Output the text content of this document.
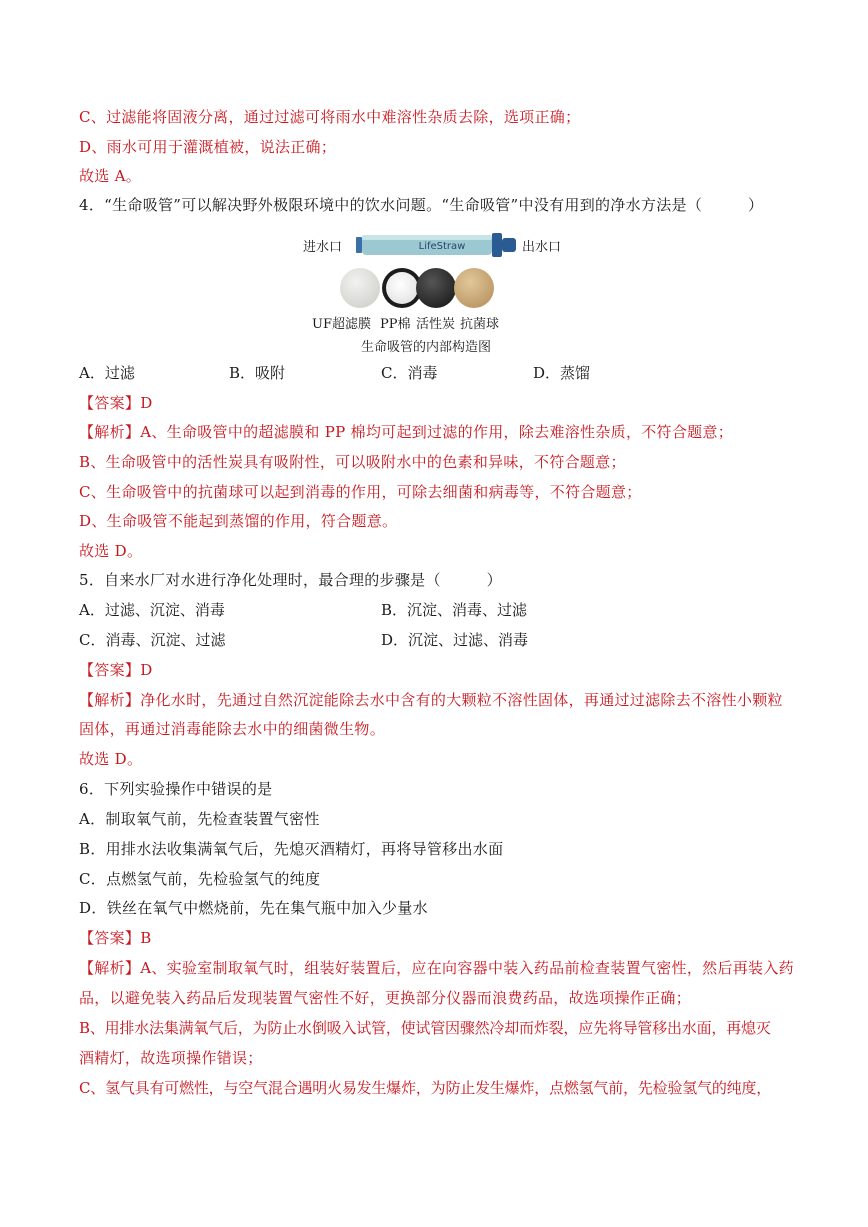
C、过滤能将固液分离，通过过滤可将雨水中难溶性杂质去除，选项正确；
D、雨水可用于灌溉植被，说法正确；
故选 A。
4．“生命吸管”可以解决野外极限环境中的饮水问题。“生命吸管”中没有用到的净水方法是（　　　）
进水口	LifeStraw	出水口
UF超滤膜 PP棉 活性炭 抗菌球
生命吸管的内部构造图
A．过滤	B．吸附	C．消毒	D．蒸馏
【答案】D
【解析】A、生命吸管中的超滤膜和 PP 棉均可起到过滤的作用，除去难溶性杂质，不符合题意；
B、生命吸管中的活性炭具有吸附性，可以吸附水中的色素和异味，不符合题意；
C、生命吸管中的抗菌球可以起到消毒的作用，可除去细菌和病毒等，不符合题意；
D、生命吸管不能起到蒸馏的作用，符合题意。
故选 D。
5．自来水厂对水进行净化处理时，最合理的步骤是（　　　）
A．过滤、沉淀、消毒	B．沉淀、消毒、过滤
C．消毒、沉淀、过滤	D．沉淀、过滤、消毒
【答案】D
【解析】净化水时，先通过自然沉淀能除去水中含有的大颗粒不溶性固体，再通过过滤除去不溶性小颗粒
固体，再通过消毒能除去水中的细菌微生物。
故选 D。
6．下列实验操作中错误的是
A．制取氧气前，先检查装置气密性
B．用排水法收集满氧气后，先熄灭酒精灯，再将导管移出水面
C．点燃氢气前，先检验氢气的纯度
D．铁丝在氧气中燃烧前，先在集气瓶中加入少量水
【答案】B
【解析】A、实验室制取氧气时，组装好装置后，应在向容器中装入药品前检查装置气密性，然后再装入药
品，以避免装入药品后发现装置气密性不好，更换部分仪器而浪费药品，故选项操作正确；
B、用排水法集满氧气后，为防止水倒吸入试管，使试管因骤然冷却而炸裂，应先将导管移出水面，再熄灭
酒精灯，故选项操作错误；
C、氢气具有可燃性，与空气混合遇明火易发生爆炸，为防止发生爆炸，点燃氢气前，先检验氢气的纯度，
